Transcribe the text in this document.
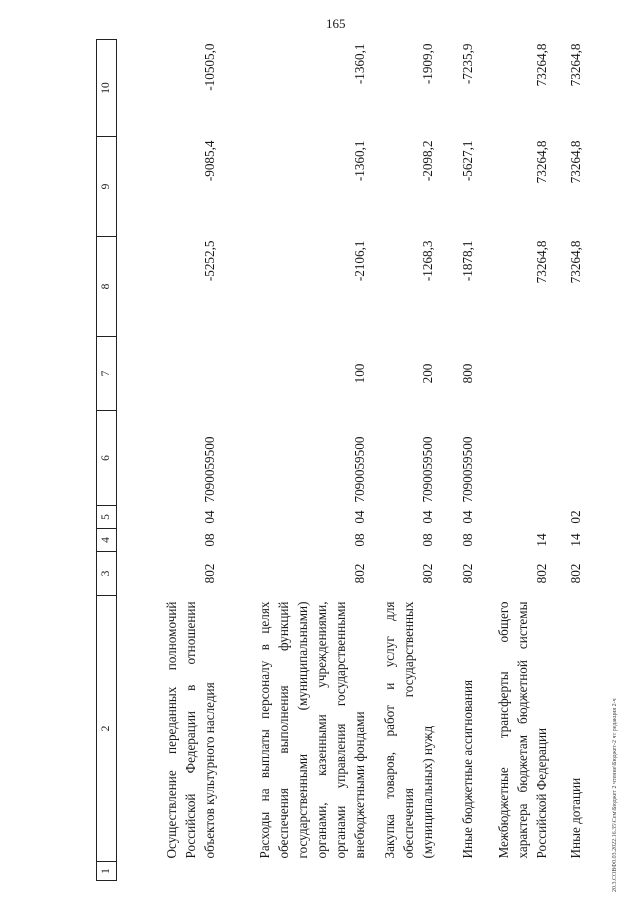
165
20.3.СОВФ0.03.2022.16.35\Сем\Бюджет 2 чтение\Бюджет-2 чт редакция 2-ч
1	2	3	4	5	6	7	8	9	10
	Осуществление переданных полномочий Российской Федерации в отношении объектов культурного наследия	802	08	04	7090059500		-5252,5	-9085,4	-10505,0
	Расходы на выплаты персоналу в целях обеспечения выполнения функций государственными (муниципальными) органами, казенными учреждениями, органами управления государственными внебюджетными фондами	802	08	04	7090059500	100	-2106,1	-1360,1	-1360,1
	Закупка товаров, работ и услуг для обеспечения государственных (муниципальных) нужд	802	08	04	7090059500	200	-1268,3	-2098,2	-1909,0
	Иные бюджетные ассигнования	802	08	04	7090059500	800	-1878,1	-5627,1	-7235,9
	Межбюджетные трансферты общего характера бюджетам бюджетной системы Российской Федерации	802	14				73264,8	73264,8	73264,8
	Иные дотации	802	14	02			73264,8	73264,8	73264,8
